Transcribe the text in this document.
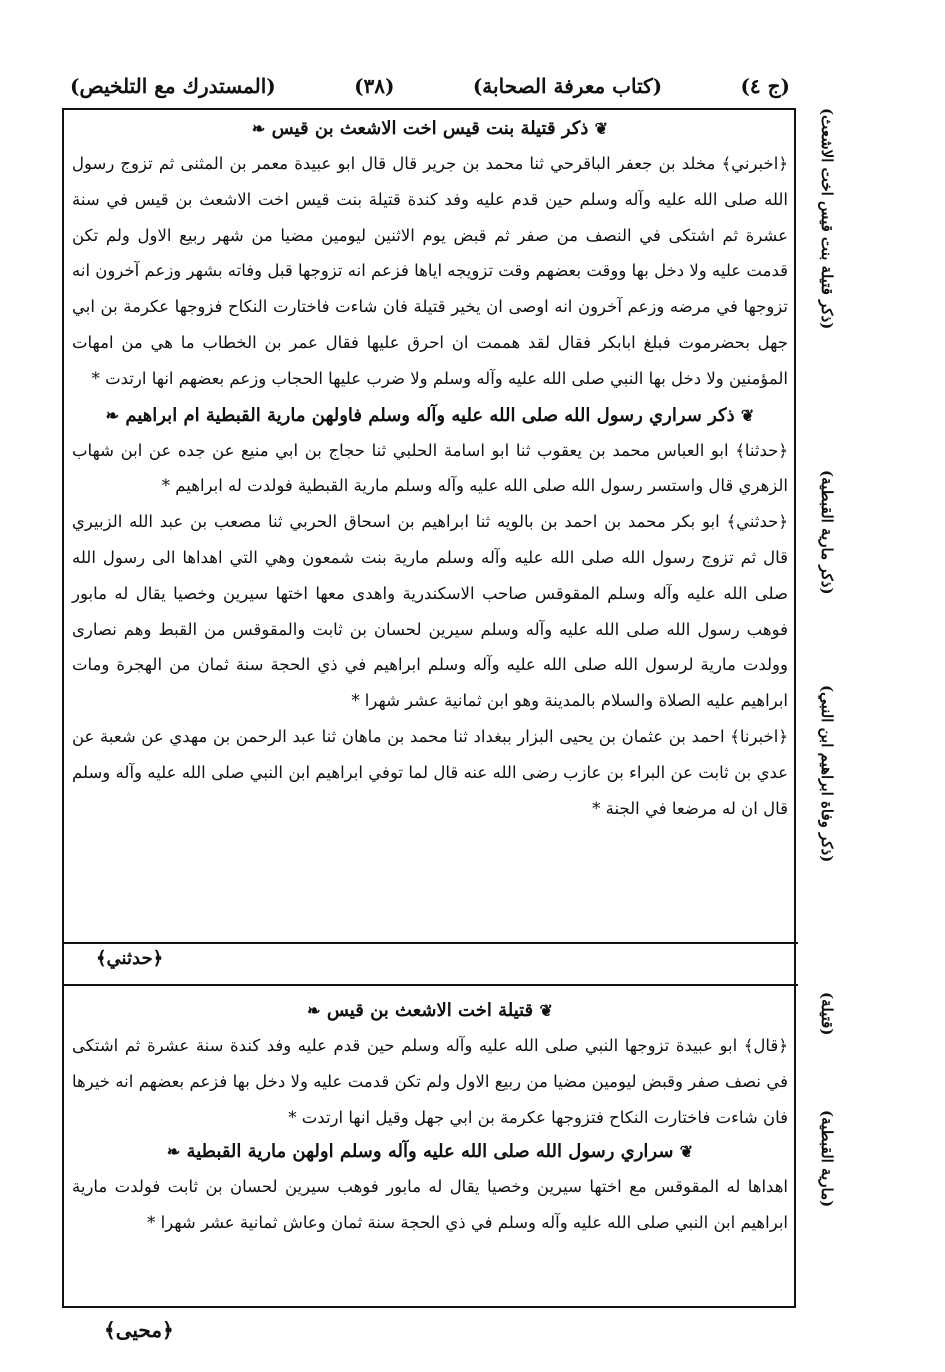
(المستدرك مع التلخيص)	(٣٨)	(كتاب معرفة الصحابة)	(ج ٤)
❦ ذكر قتيلة بنت قيس اخت الاشعث بن قيس ❧

﴿اخبرني﴾ مخلد بن جعفر الباقرحي ثنا محمد بن جرير قال قال ابو عبيدة معمر بن المثنى ثم تزوج رسول الله صلى الله عليه وآله وسلم حين قدم عليه وفد كندة قتيلة بنت قيس اخت الاشعث بن قيس في سنة عشرة ثم اشتكى في النصف من صفر ثم قبض يوم الاثنين ليومين مضيا من شهر ربيع الاول ولم تكن قدمت عليه ولا دخل بها ووقت بعضهم وقت تزويجه اياها فزعم انه تزوجها قبل وفاته بشهر وزعم آخرون انه تزوجها في مرضه وزعم آخرون انه اوصى ان يخير قتيلة فان شاءت فاختارت النكاح فزوجها عكرمة بن ابي جهل بحضرموت فبلغ ابابكر فقال لقد هممت ان احرق عليها فقال عمر بن الخطاب ما هي من امهات المؤمنين ولا دخل بها النبي صلى الله عليه وآله وسلم ولا ضرب عليها الحجاب وزعم بعضهم انها ارتدت *

❦ ذكر سراري رسول الله صلى الله عليه وآله وسلم فاولهن مارية القبطية ام ابراهيم ❧

﴿حدثنا﴾ ابو العباس محمد بن يعقوب ثنا ابو اسامة الحلبي ثنا حجاج بن ابي منيع عن جده عن ابن شهاب الزهري قال واستسر رسول الله صلى الله عليه وآله وسلم مارية القبطية فولدت له ابراهيم *

﴿حدثني﴾ ابو بكر محمد بن احمد بن بالويه ثنا ابراهيم بن اسحاق الحربي ثنا مصعب بن عبد الله الزبيري قال ثم تزوج رسول الله صلى الله عليه وآله وسلم مارية بنت شمعون وهي التي اهداها الى رسول الله صلى الله عليه وآله وسلم المقوقس صاحب الاسكندرية واهدى معها اختها سيرين وخصيا يقال له مابور فوهب رسول الله صلى الله عليه وآله وسلم سيرين لحسان بن ثابت والمقوقس من القبط وهم نصارى وولدت مارية لرسول الله صلى الله عليه وآله وسلم ابراهيم في ذي الحجة سنة ثمان من الهجرة ومات ابراهيم عليه الصلاة والسلام بالمدينة وهو ابن ثمانية عشر شهرا *

﴿اخبرنا﴾ احمد بن عثمان بن يحيى البزار ببغداد ثنا محمد بن ماهان ثنا عبد الرحمن بن مهدي عن شعبة عن عدي بن ثابت عن البراء بن عازب رضى الله عنه قال لما توفي ابراهيم ابن النبي صلى الله عليه وآله وسلم قال ان له مرضعا في الجنة *

﴿حدثني﴾
❦ قتيلة اخت الاشعث بن قيس ❧

﴿قال﴾ ابو عبيدة تزوجها النبي صلى الله عليه وآله وسلم حين قدم عليه وفد كندة سنة عشرة ثم اشتكى في نصف صفر وقبض ليومين مضيا من ربيع الاول ولم تكن قدمت عليه ولا دخل بها فزعم بعضهم انه خيرها فان شاءت فاختارت النكاح فتزوجها عكرمة بن ابي جهل وقيل انها ارتدت *

❦ سراري رسول الله صلى الله عليه وآله وسلم اولهن مارية القبطية ❧

اهداها له المقوقس مع اختها سيرين وخصيا يقال له مابور فوهب سيرين لحسان بن ثابت فولدت مارية ابراهيم ابن النبي صلى الله عليه وآله وسلم في ذي الحجة سنة ثمان وعاش ثمانية عشر شهرا *

(ذكر قتيلة بنت قيس اخت الاشعث)
(ذكر مارية القبطية)
(ذكر وفاة ابراهيم ابن النبي)
(قتيلة)
(مارية القبطية)
﴿محيى﴾
